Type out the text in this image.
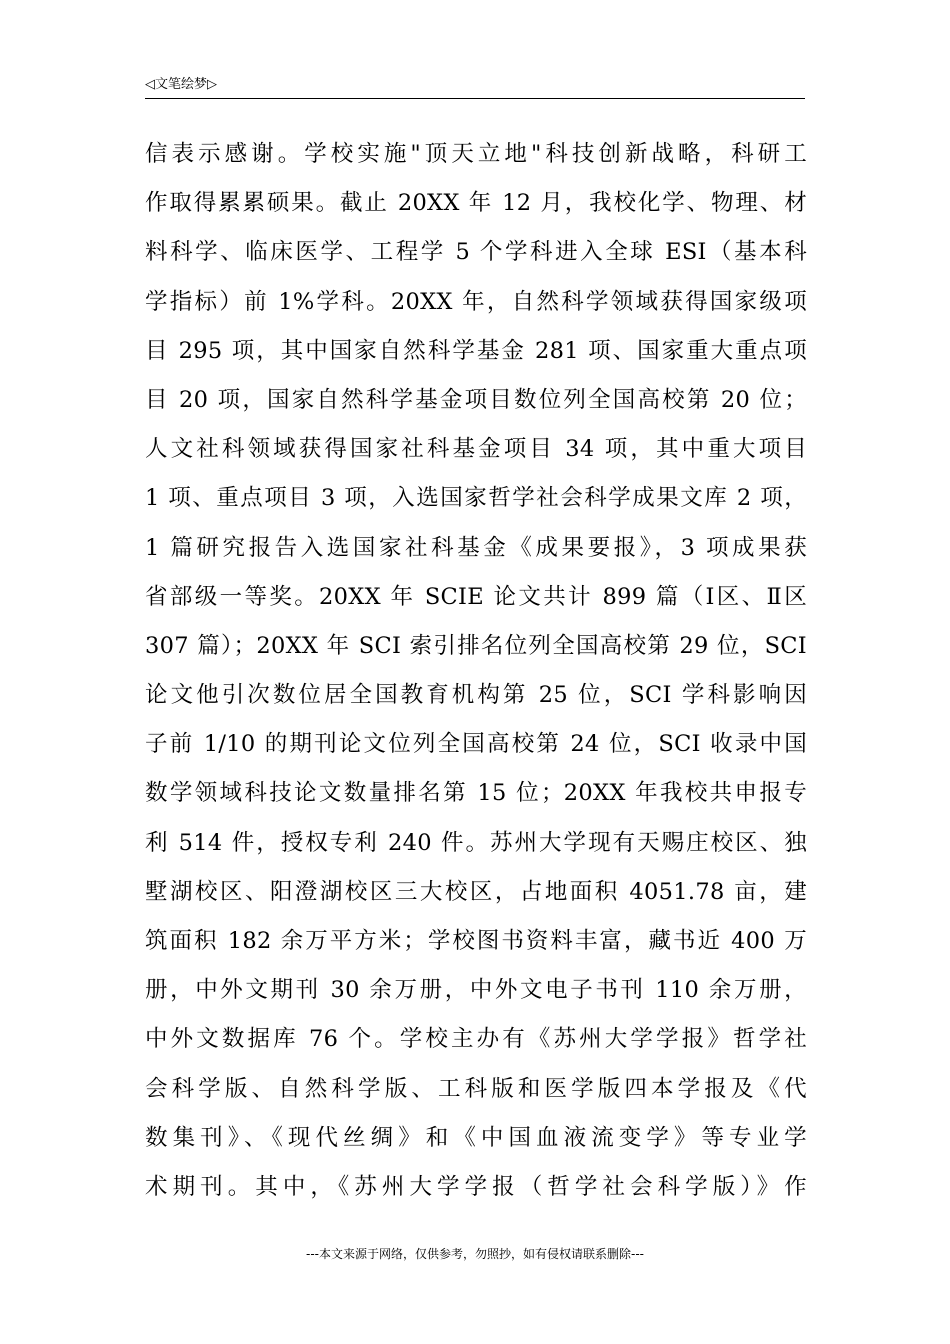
◁文笔绘梦▷
信表示感谢。学校实施"顶天立地"科技创新战略，科研工
作取得累累硕果。截止 20XX 年 12 月，我校化学、物理、材
料科学、临床医学、工程学 5 个学科进入全球 ESI（基本科
学指标）前 1%学科。20XX 年，自然科学领域获得国家级项
目 295 项，其中国家自然科学基金 281 项、国家重大重点项
目 20 项，国家自然科学基金项目数位列全国高校第 20 位；
人文社科领域获得国家社科基金项目 34 项，其中重大项目
1 项、重点项目 3 项，入选国家哲学社会科学成果文库 2 项，
1 篇研究报告入选国家社科基金《成果要报》，3 项成果获
省部级一等奖。20XX 年 SCIE 论文共计 899 篇（Ⅰ区、Ⅱ区
307 篇）；20XX 年 SCI 索引排名位列全国高校第 29 位，SCI
论文他引次数位居全国教育机构第 25 位，SCI 学科影响因
子前 1/10 的期刊论文位列全国高校第 24 位，SCI 收录中国
数学领域科技论文数量排名第 15 位；20XX 年我校共申报专
利 514 件，授权专利 240 件。苏州大学现有天赐庄校区、独
墅湖校区、阳澄湖校区三大校区，占地面积 4051.78 亩，建
筑面积 182 余万平方米；学校图书资料丰富，藏书近 400 万
册，中外文期刊 30 余万册，中外文电子书刊 110 余万册，
中外文数据库 76 个。学校主办有《苏州大学学报》哲学社
会科学版、自然科学版、工科版和医学版四本学报及《代
数集刊》、《现代丝绸》和《中国血液流变学》等专业学
术期刊。其中，《苏州大学学报（哲学社会科学版）》作
---本文来源于网络，仅供参考，勿照抄，如有侵权请联系删除---
